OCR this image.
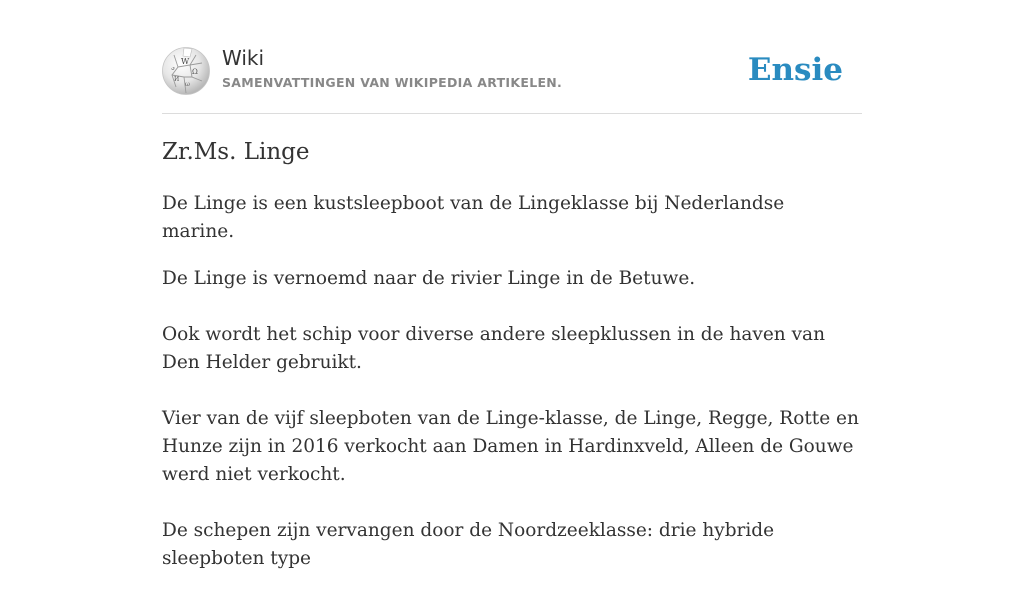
W
Ω
И
ω
ي Wiki
SAMENVATTINGEN VAN WIKIPEDIA ARTIKELEN.	Ensie
Zr.Ms. Linge

De Linge is een kustsleepboot van de Lingeklasse bij Nederlandse marine.

De Linge is vernoemd naar de rivier Linge in de Betuwe.

Ook wordt het schip voor diverse andere sleepklussen in de haven van Den Helder gebruikt.

Vier van de vijf sleepboten van de Linge-klasse, de Linge, Regge, Rotte en Hunze zijn in 2016 verkocht aan Damen in Hardinxveld, Alleen de Gouwe werd niet verkocht.

De schepen zijn vervangen door de Noordzeeklasse: drie hybride sleepboten type
